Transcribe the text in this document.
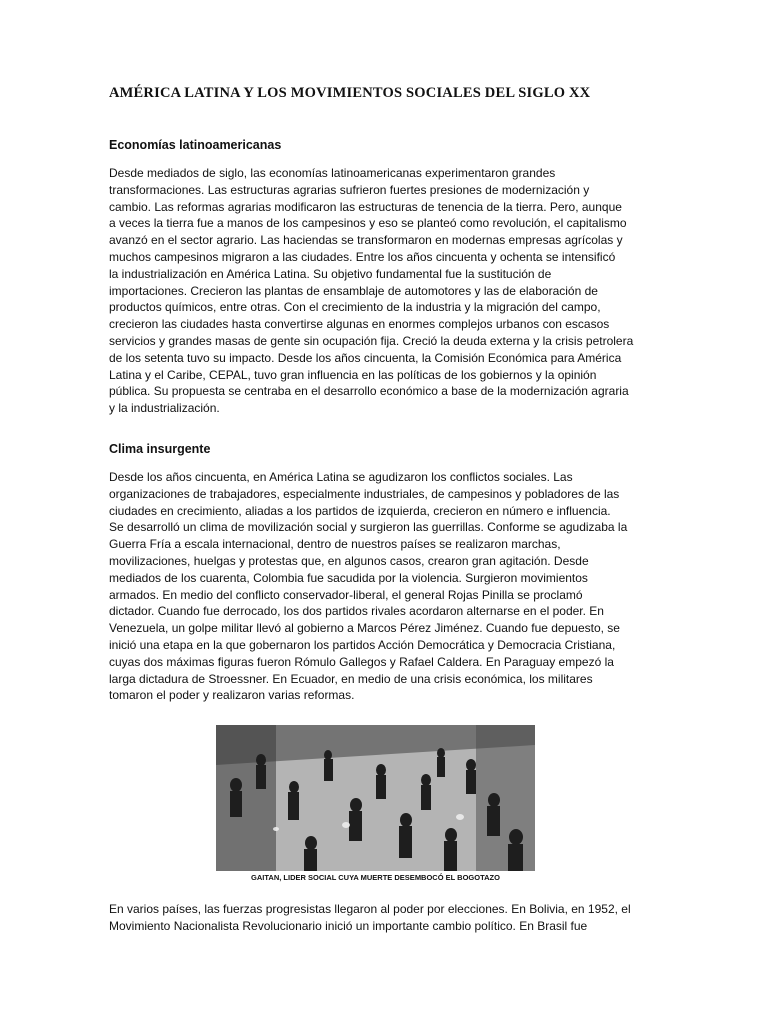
AMÉRICA LATINA Y LOS MOVIMIENTOS SOCIALES DEL SIGLO XX
Economías latinoamericanas
Desde mediados de siglo, las economías latinoamericanas experimentaron grandes
transformaciones. Las estructuras agrarias sufrieron fuertes presiones de modernización y
cambio. Las reformas agrarias modificaron las estructuras de tenencia de la tierra. Pero, aunque
a veces la tierra fue a manos de los campesinos y eso se planteó como revolución, el capitalismo
avanzó en el sector agrario. Las haciendas se transformaron en modernas empresas agrícolas y
muchos campesinos migraron a las ciudades. Entre los años cincuenta y ochenta se intensificó
la industrialización en América Latina. Su objetivo fundamental fue la sustitución de
importaciones. Crecieron las plantas de ensamblaje de automotores y las de elaboración de
productos químicos, entre otras. Con el crecimiento de la industria y la migración del campo,
crecieron las ciudades hasta convertirse algunas en enormes complejos urbanos con escasos
servicios y grandes masas de gente sin ocupación fija. Creció la deuda externa y la crisis petrolera
de los setenta tuvo su impacto. Desde los años cincuenta, la Comisión Económica para América
Latina y el Caribe, CEPAL, tuvo gran influencia en las políticas de los gobiernos y la opinión
pública. Su propuesta se centraba en el desarrollo económico a base de la modernización agraria
y la industrialización.
Clima insurgente
Desde los años cincuenta, en América Latina se agudizaron los conflictos sociales. Las
organizaciones de trabajadores, especialmente industriales, de campesinos y pobladores de las
ciudades en crecimiento, aliadas a los partidos de izquierda, crecieron en número e influencia.
Se desarrolló un clima de movilización social y surgieron las guerrillas. Conforme se agudizaba la
Guerra Fría a escala internacional, dentro de nuestros países se realizaron marchas,
movilizaciones, huelgas y protestas que, en algunos casos, crearon gran agitación. Desde
mediados de los cuarenta, Colombia fue sacudida por la violencia. Surgieron movimientos
armados. En medio del conflicto conservador-liberal, el general Rojas Pinilla se proclamó
dictador. Cuando fue derrocado, los dos partidos rivales acordaron alternarse en el poder. En
Venezuela, un golpe militar llevó al gobierno a Marcos Pérez Jiménez. Cuando fue depuesto, se
inició una etapa en la que gobernaron los partidos Acción Democrática y Democracia Cristiana,
cuyas dos máximas figuras fueron Rómulo Gallegos y Rafael Caldera. En Paraguay empezó la
larga dictadura de Stroessner. En Ecuador, en medio de una crisis económica, los militares
tomaron el poder y realizaron varias reformas.
GAITAN, LIDER SOCIAL CUYA MUERTE DESEMBOCÓ EL BOGOTAZO
En varios países, las fuerzas progresistas llegaron al poder por elecciones. En Bolivia, en 1952, el
Movimiento Nacionalista Revolucionario inició un importante cambio político. En Brasil fue
